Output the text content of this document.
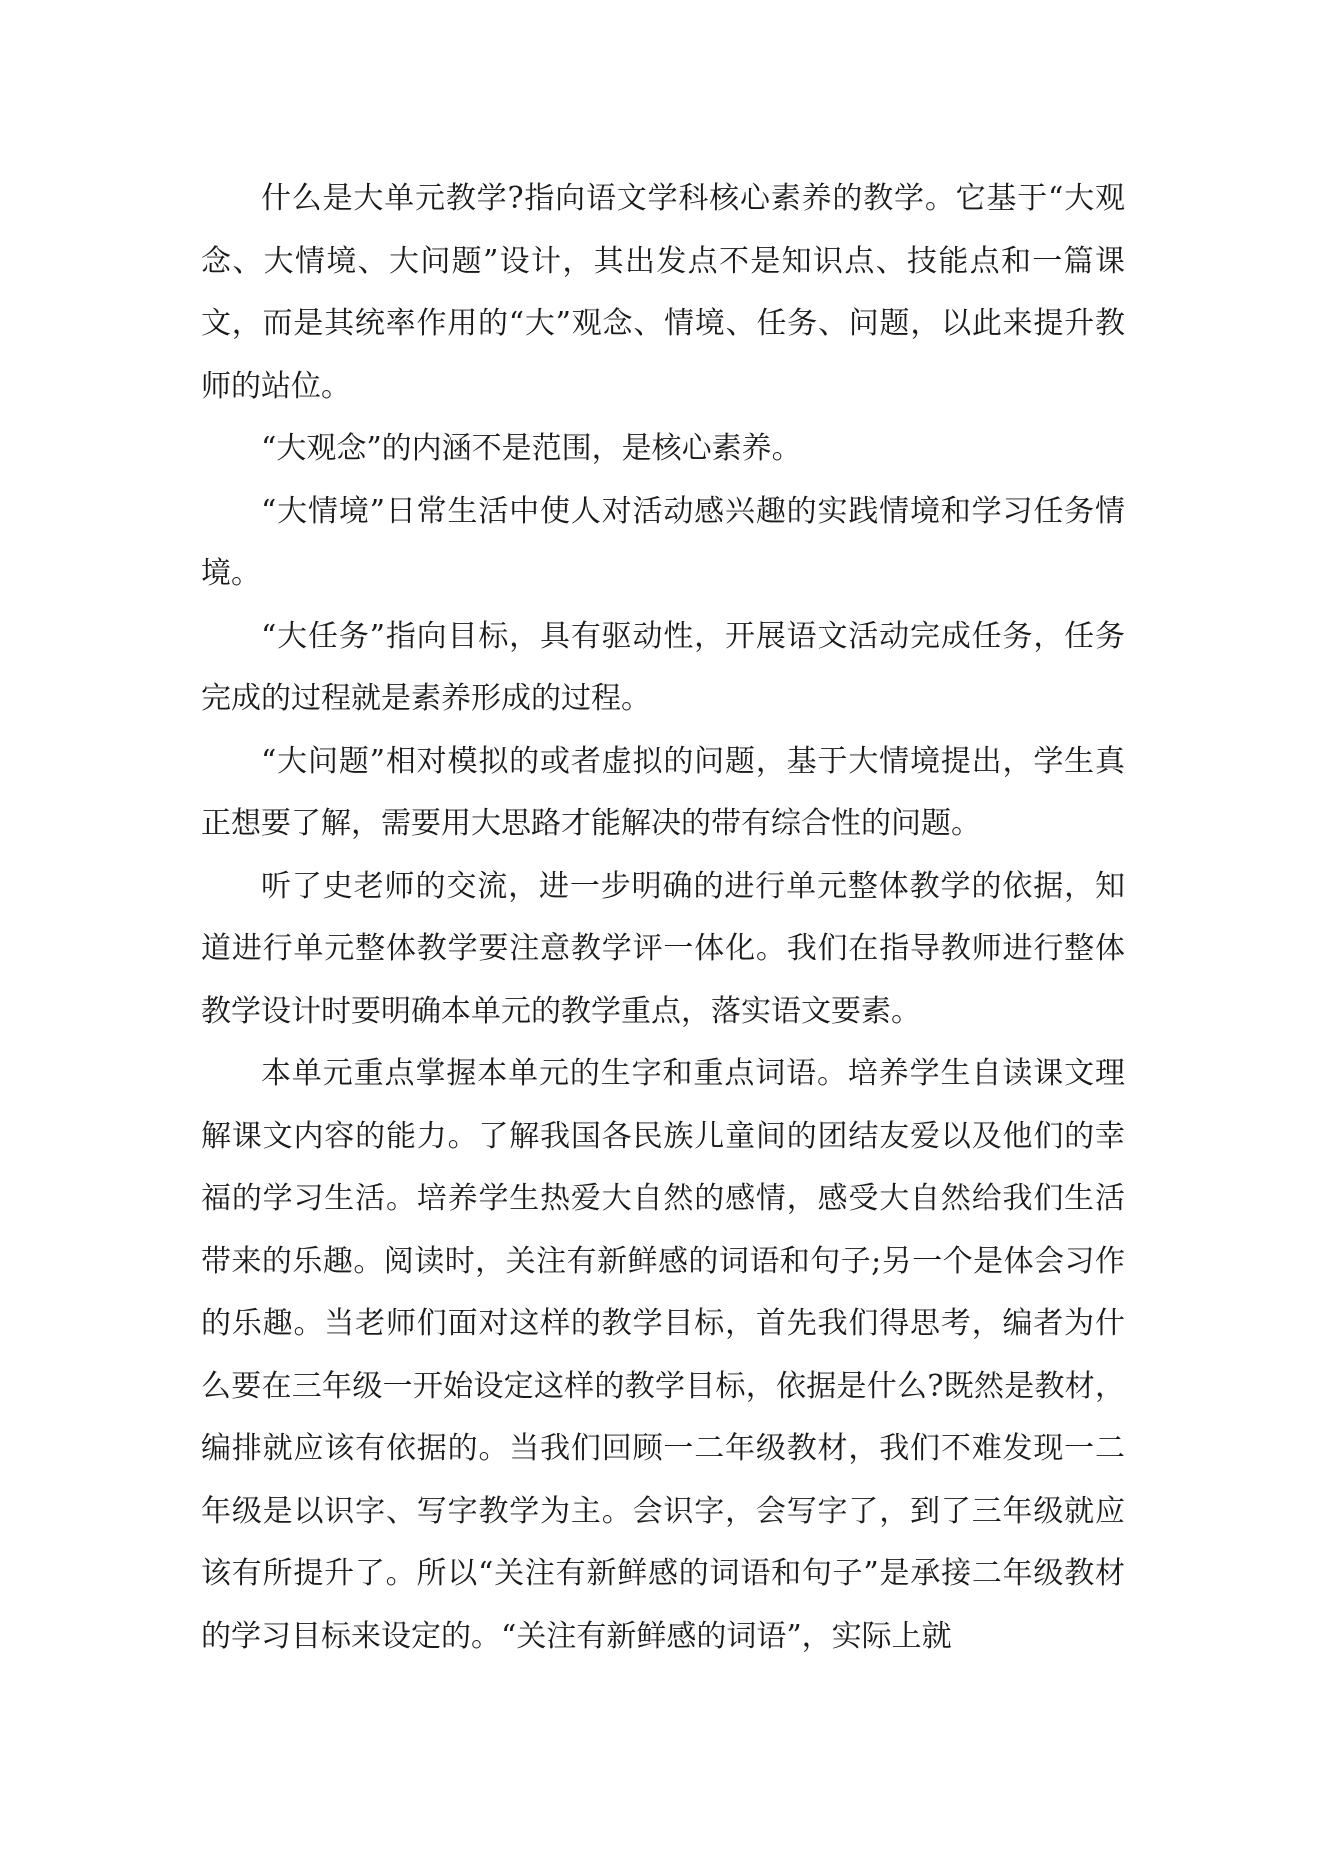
什么是大单元教学?指向语文学科核心素养的教学。它基于“大观念、大情境、大问题”设计，其出发点不是知识点、技能点和一篇课文，而是其统率作用的“大”观念、情境、任务、问题，以此来提升教师的站位。

“大观念”的内涵不是范围，是核心素养。

“大情境”日常生活中使人对活动感兴趣的实践情境和学习任务情境。

“大任务”指向目标，具有驱动性，开展语文活动完成任务，任务完成的过程就是素养形成的过程。

“大问题”相对模拟的或者虚拟的问题，基于大情境提出，学生真正想要了解，需要用大思路才能解决的带有综合性的问题。

听了史老师的交流，进一步明确的进行单元整体教学的依据，知道进行单元整体教学要注意教学评一体化。我们在指导教师进行整体教学设计时要明确本单元的教学重点，落实语文要素。

本单元重点掌握本单元的生字和重点词语。培养学生自读课文理解课文内容的能力。了解我国各民族儿童间的团结友爱以及他们的幸福的学习生活。培养学生热爱大自然的感情，感受大自然给我们生活带来的乐趣。阅读时，关注有新鲜感的词语和句子;另一个是体会习作的乐趣。当老师们面对这样的教学目标，首先我们得思考，编者为什么要在三年级一开始设定这样的教学目标，依据是什么?既然是教材，编排就应该有依据的。当我们回顾一二年级教材，我们不难发现一二年级是以识字、写字教学为主。会识字，会写字了，到了三年级就应该有所提升了。所以“关注有新鲜感的词语和句子”是承接二年级教材的学习目标来设定的。“关注有新鲜感的词语”，实际上就
